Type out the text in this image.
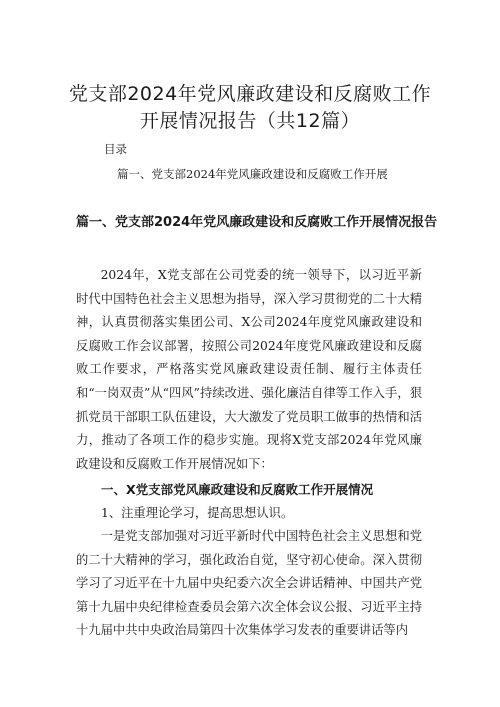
党支部2024年党风廉政建设和反腐败工作
开展情况报告（共12篇）
目录
篇一、党支部2024年党风廉政建设和反腐败工作开展
篇一、党支部2024年党风廉政建设和反腐败工作开展情况报告
2024年，X党支部在公司党委的统一领导下，以习近平新时代中国特色社会主义思想为指导，深入学习贯彻党的二十大精神，认真贯彻落实集团公司、X公司2024年度党风廉政建设和反腐败工作会议部署，按照公司2024年度党风廉政建设和反腐败工作要求，严格落实党风廉政建设责任制、履行主体责任和“一岗双责”从“四风”持续改进、强化廉洁自律等工作入手，狠抓党员干部职工队伍建设，大大激发了党员职工做事的热情和活力，推动了各项工作的稳步实施。现将X党支部2024年党风廉政建设和反腐败工作开展情况如下：
一、X党支部党风廉政建设和反腐败工作开展情况
1、注重理论学习，提高思想认识。
一是党支部加强对习近平新时代中国特色社会主义思想和党的二十大精神的学习，强化政治自觉，坚守初心使命。深入贯彻学习了习近平在十九届中央纪委六次全会讲话精神、中国共产党第十九届中央纪律检查委员会第六次全体会议公报、习近平主持十九届中共中央政治局第四十次集体学习发表的重要讲话等内
